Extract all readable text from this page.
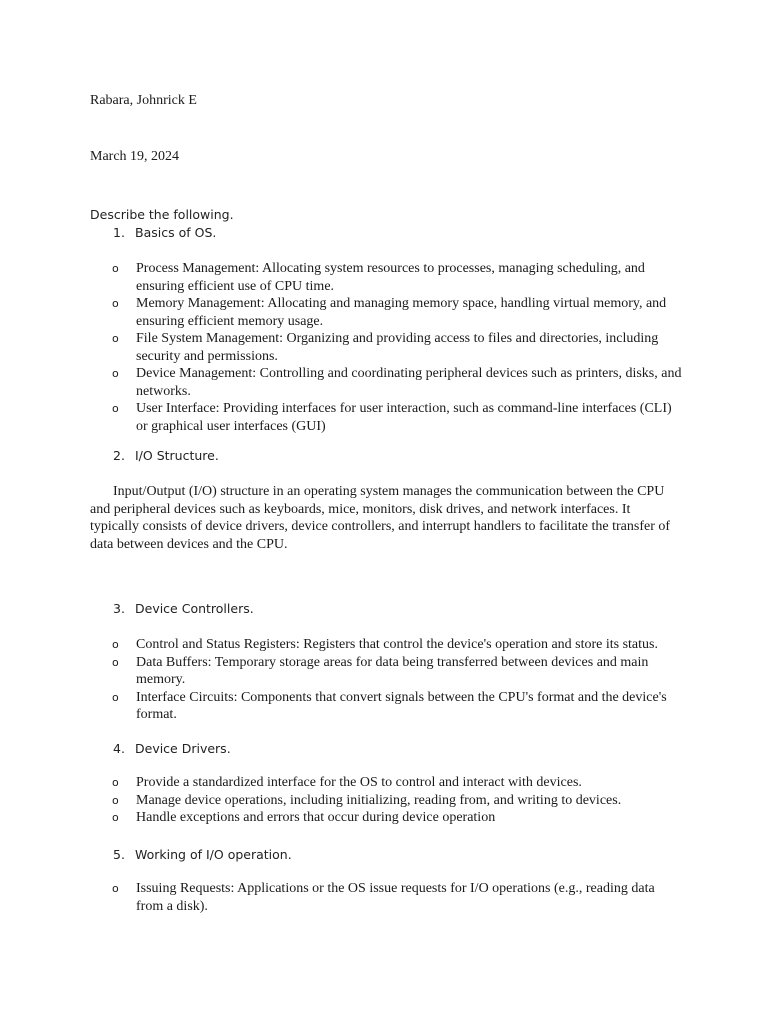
Rabara, Johnrick E
March 19, 2024
Describe the following.
1. Basics of OS.
o Process Management: Allocating system resources to processes, managing scheduling, and ensuring efficient use of CPU time.
o Memory Management: Allocating and managing memory space, handling virtual memory, and ensuring efficient memory usage.
o File System Management: Organizing and providing access to files and directories, including security and permissions.
o Device Management: Controlling and coordinating peripheral devices such as printers, disks, and networks.
o User Interface: Providing interfaces for user interaction, such as command-line interfaces (CLI) or graphical user interfaces (GUI)
2. I/O Structure.
Input/Output (I/O) structure in an operating system manages the communication between the CPU and peripheral devices such as keyboards, mice, monitors, disk drives, and network interfaces. It typically consists of device drivers, device controllers, and interrupt handlers to facilitate the transfer of data between devices and the CPU.
3. Device Controllers.
o Control and Status Registers: Registers that control the device's operation and store its status.
o Data Buffers: Temporary storage areas for data being transferred between devices and main memory.
o Interface Circuits: Components that convert signals between the CPU's format and the device's format.
4. Device Drivers.
o Provide a standardized interface for the OS to control and interact with devices.
o Manage device operations, including initializing, reading from, and writing to devices.
o Handle exceptions and errors that occur during device operation
5. Working of I/O operation.
o Issuing Requests: Applications or the OS issue requests for I/O operations (e.g., reading data from a disk).
